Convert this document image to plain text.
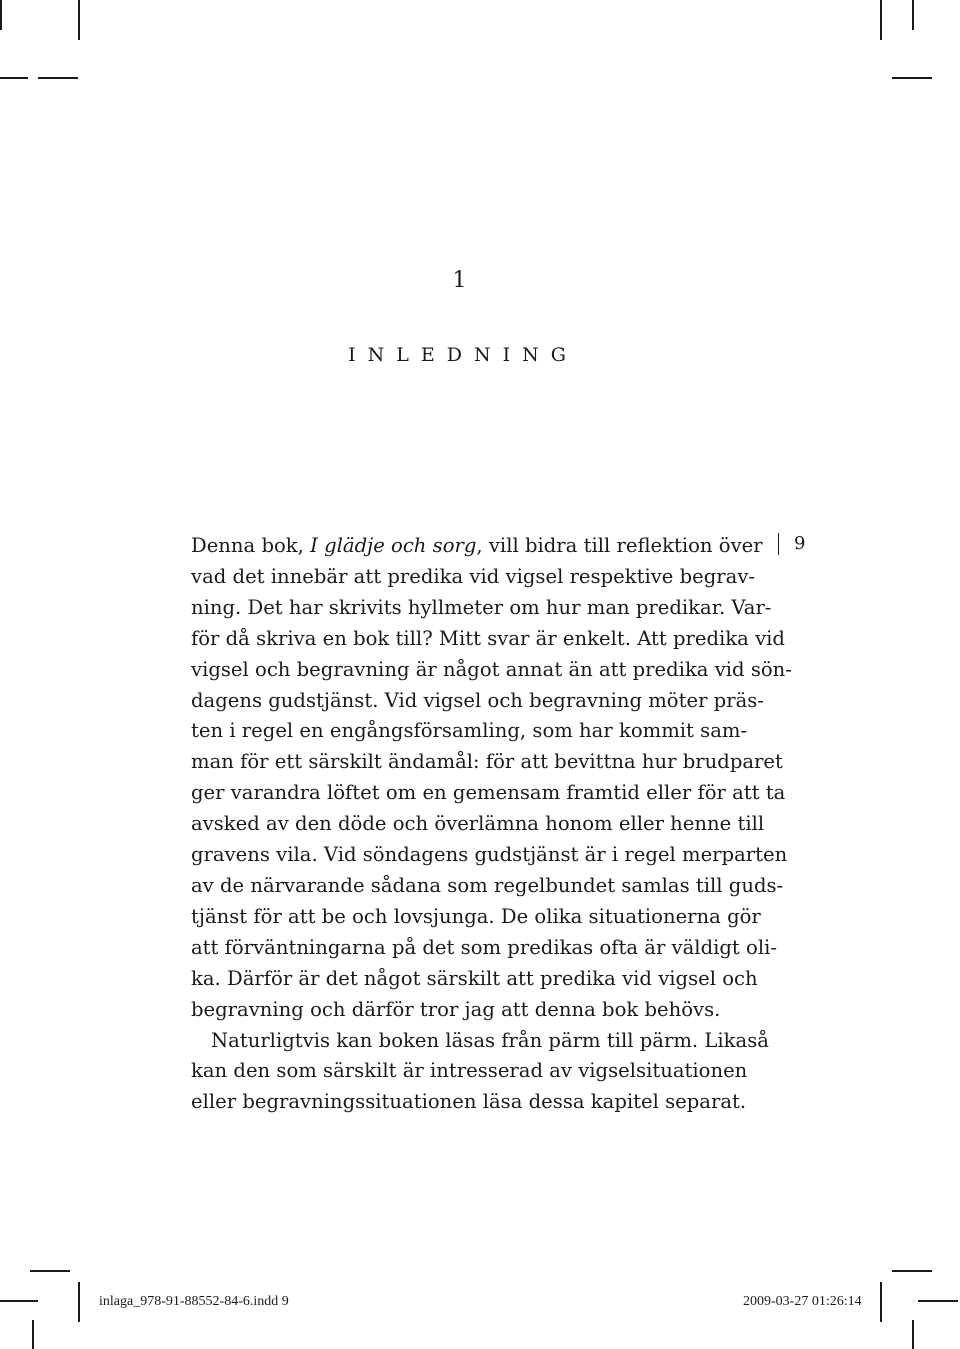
1
INLEDNING
9
Denna bok, I glädje och sorg, vill bidra till reflektion över
vad det innebär att predika vid vigsel respektive begrav-
ning. Det har skrivits hyllmeter om hur man predikar. Var-
för då skriva en bok till? Mitt svar är enkelt. Att predika vid
vigsel och begravning är något annat än att predika vid sön-
dagens gudstjänst. Vid vigsel och begravning möter präs-
ten i regel en engångsförsamling, som har kommit sam-
man för ett särskilt ändamål: för att bevittna hur brudparet
ger varandra löftet om en gemensam framtid eller för att ta
avsked av den döde och överlämna honom eller henne till
gravens vila. Vid söndagens gudstjänst är i regel merparten
av de närvarande sådana som regelbundet samlas till guds-
tjänst för att be och lovsjunga. De olika situationerna gör
att förväntningarna på det som predikas ofta är väldigt oli-
ka. Därför är det något särskilt att predika vid vigsel och
begravning och därför tror jag att denna bok behövs.
Naturligtvis kan boken läsas från pärm till pärm. Likaså
kan den som särskilt är intresserad av vigselsituationen
eller begravningssituationen läsa dessa kapitel separat.
inlaga_978-91-88552-84-6.indd 9	2009-03-27 01:26:14
